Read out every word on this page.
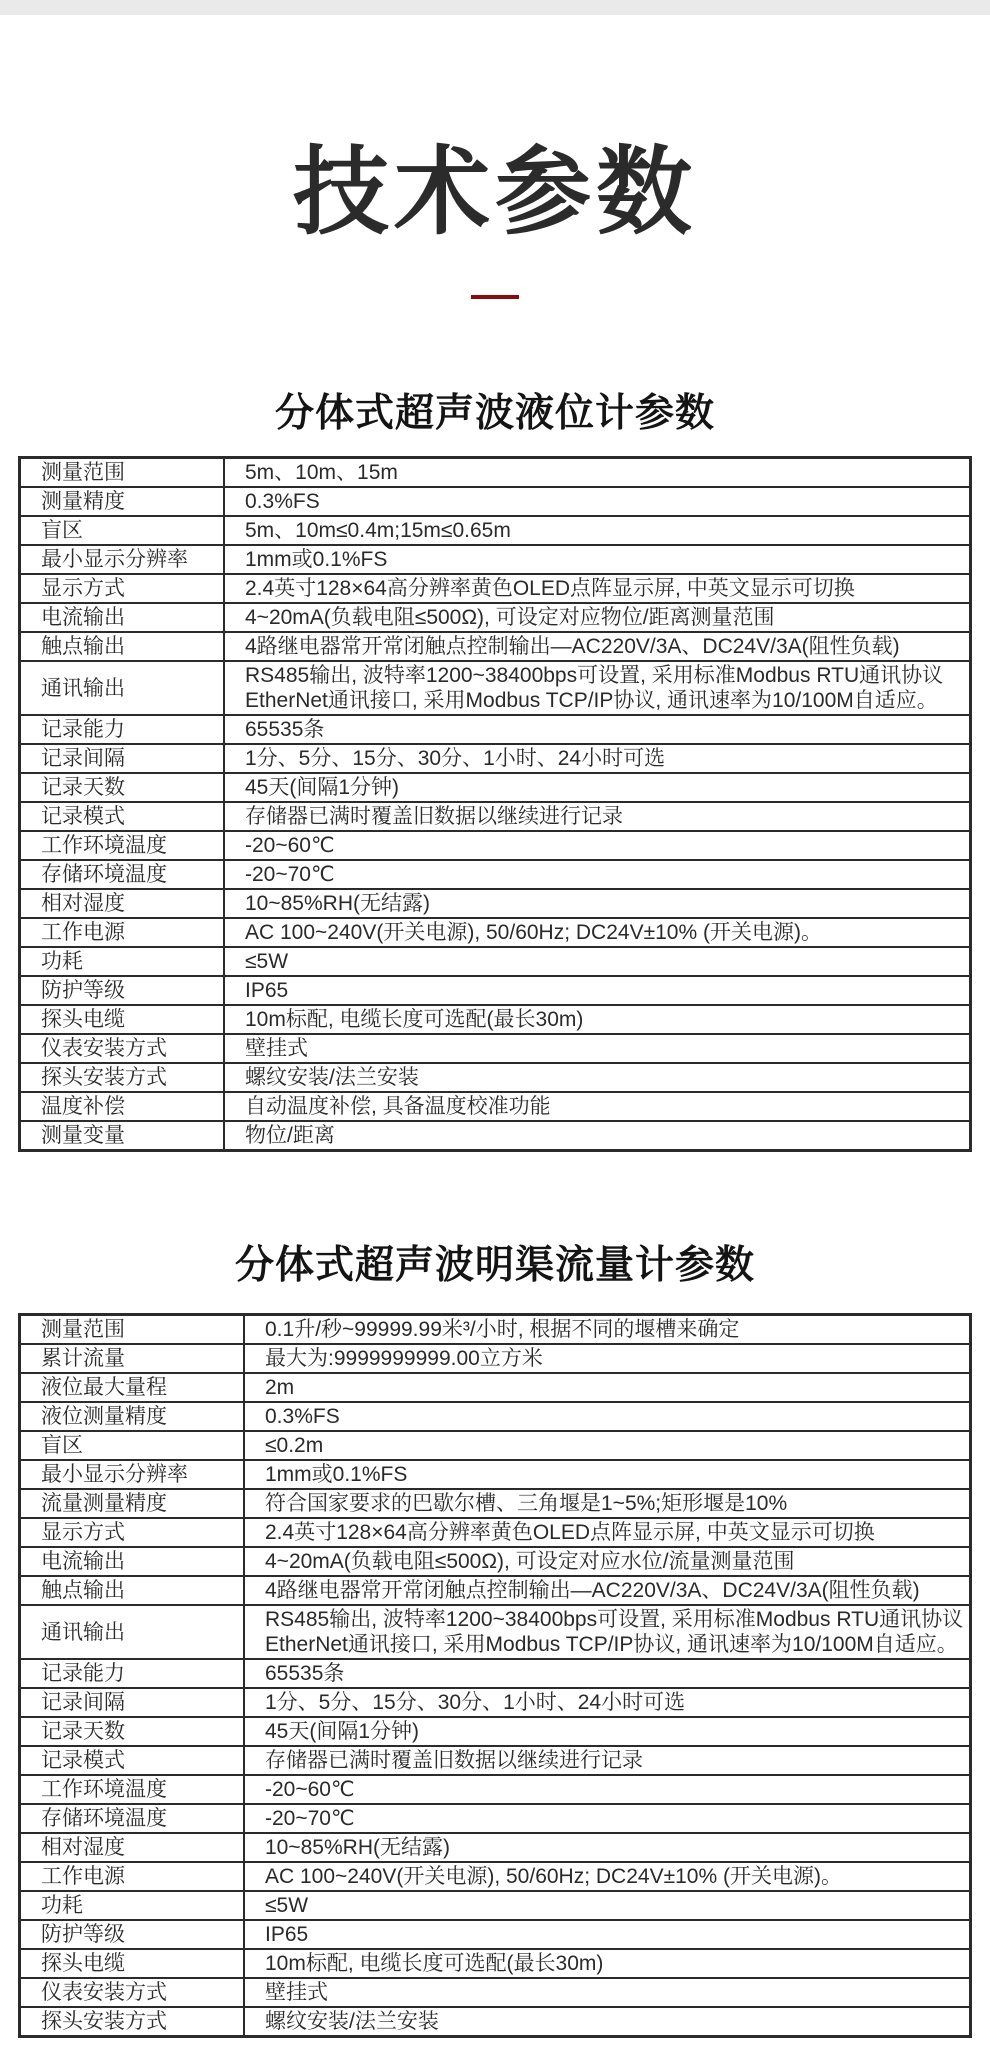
技术参数
分体式超声波液位计参数
测量范围	5m、10m、15m

测量精度	0.3%FS

盲区	5m、10m≤0.4m;15m≤0.65m

最小显示分辨率	1mm或0.1%FS

显示方式	2.4英寸128×64高分辨率黄色OLED点阵显示屏, 中英文显示可切换

电流输出	4~20mA(负载电阻≤500Ω), 可设定对应物位/距离测量范围

触点输出	4路继电器常开常闭触点控制输出—AC220V/3A、DC24V/3A(阻性负载)

通讯输出	RS485输出, 波特率1200~38400bps可设置, 采用标准Modbus RTU通讯协议
EtherNet通讯接口, 采用Modbus TCP/IP协议, 通讯速率为10/100M自适应。

记录能力	65535条

记录间隔	1分、5分、15分、30分、1小时、24小时可选

记录天数	45天(间隔1分钟)

记录模式	存储器已满时覆盖旧数据以继续进行记录

工作环境温度	-20~60℃

存储环境温度	-20~70℃

相对湿度	10~85%RH(无结露)

工作电源	AC 100~240V(开关电源), 50/60Hz; DC24V±10% (开关电源)。

功耗	≤5W

防护等级	IP65

探头电缆	10m标配, 电缆长度可选配(最长30m)

仪表安装方式	壁挂式

探头安装方式	螺纹安装/法兰安装

温度补偿	自动温度补偿, 具备温度校准功能

测量变量	物位/距离
分体式超声波明渠流量计参数
测量范围	0.1升/秒~99999.99米³/小时, 根据不同的堰槽来确定

累计流量	最大为:9999999999.00立方米

液位最大量程	2m

液位测量精度	0.3%FS

盲区	≤0.2m

最小显示分辨率	1mm或0.1%FS

流量测量精度	符合国家要求的巴歇尔槽、三角堰是1~5%;矩形堰是10%

显示方式	2.4英寸128×64高分辨率黄色OLED点阵显示屏, 中英文显示可切换

电流输出	4~20mA(负载电阻≤500Ω), 可设定对应水位/流量测量范围

触点输出	4路继电器常开常闭触点控制输出—AC220V/3A、DC24V/3A(阻性负载)

通讯输出	RS485输出, 波特率1200~38400bps可设置, 采用标准Modbus RTU通讯协议
EtherNet通讯接口, 采用Modbus TCP/IP协议, 通讯速率为10/100M自适应。

记录能力	65535条

记录间隔	1分、5分、15分、30分、1小时、24小时可选

记录天数	45天(间隔1分钟)

记录模式	存储器已满时覆盖旧数据以继续进行记录

工作环境温度	-20~60℃

存储环境温度	-20~70℃

相对湿度	10~85%RH(无结露)

工作电源	AC 100~240V(开关电源), 50/60Hz; DC24V±10% (开关电源)。

功耗	≤5W

防护等级	IP65

探头电缆	10m标配, 电缆长度可选配(最长30m)

仪表安装方式	壁挂式

探头安装方式	螺纹安装/法兰安装
